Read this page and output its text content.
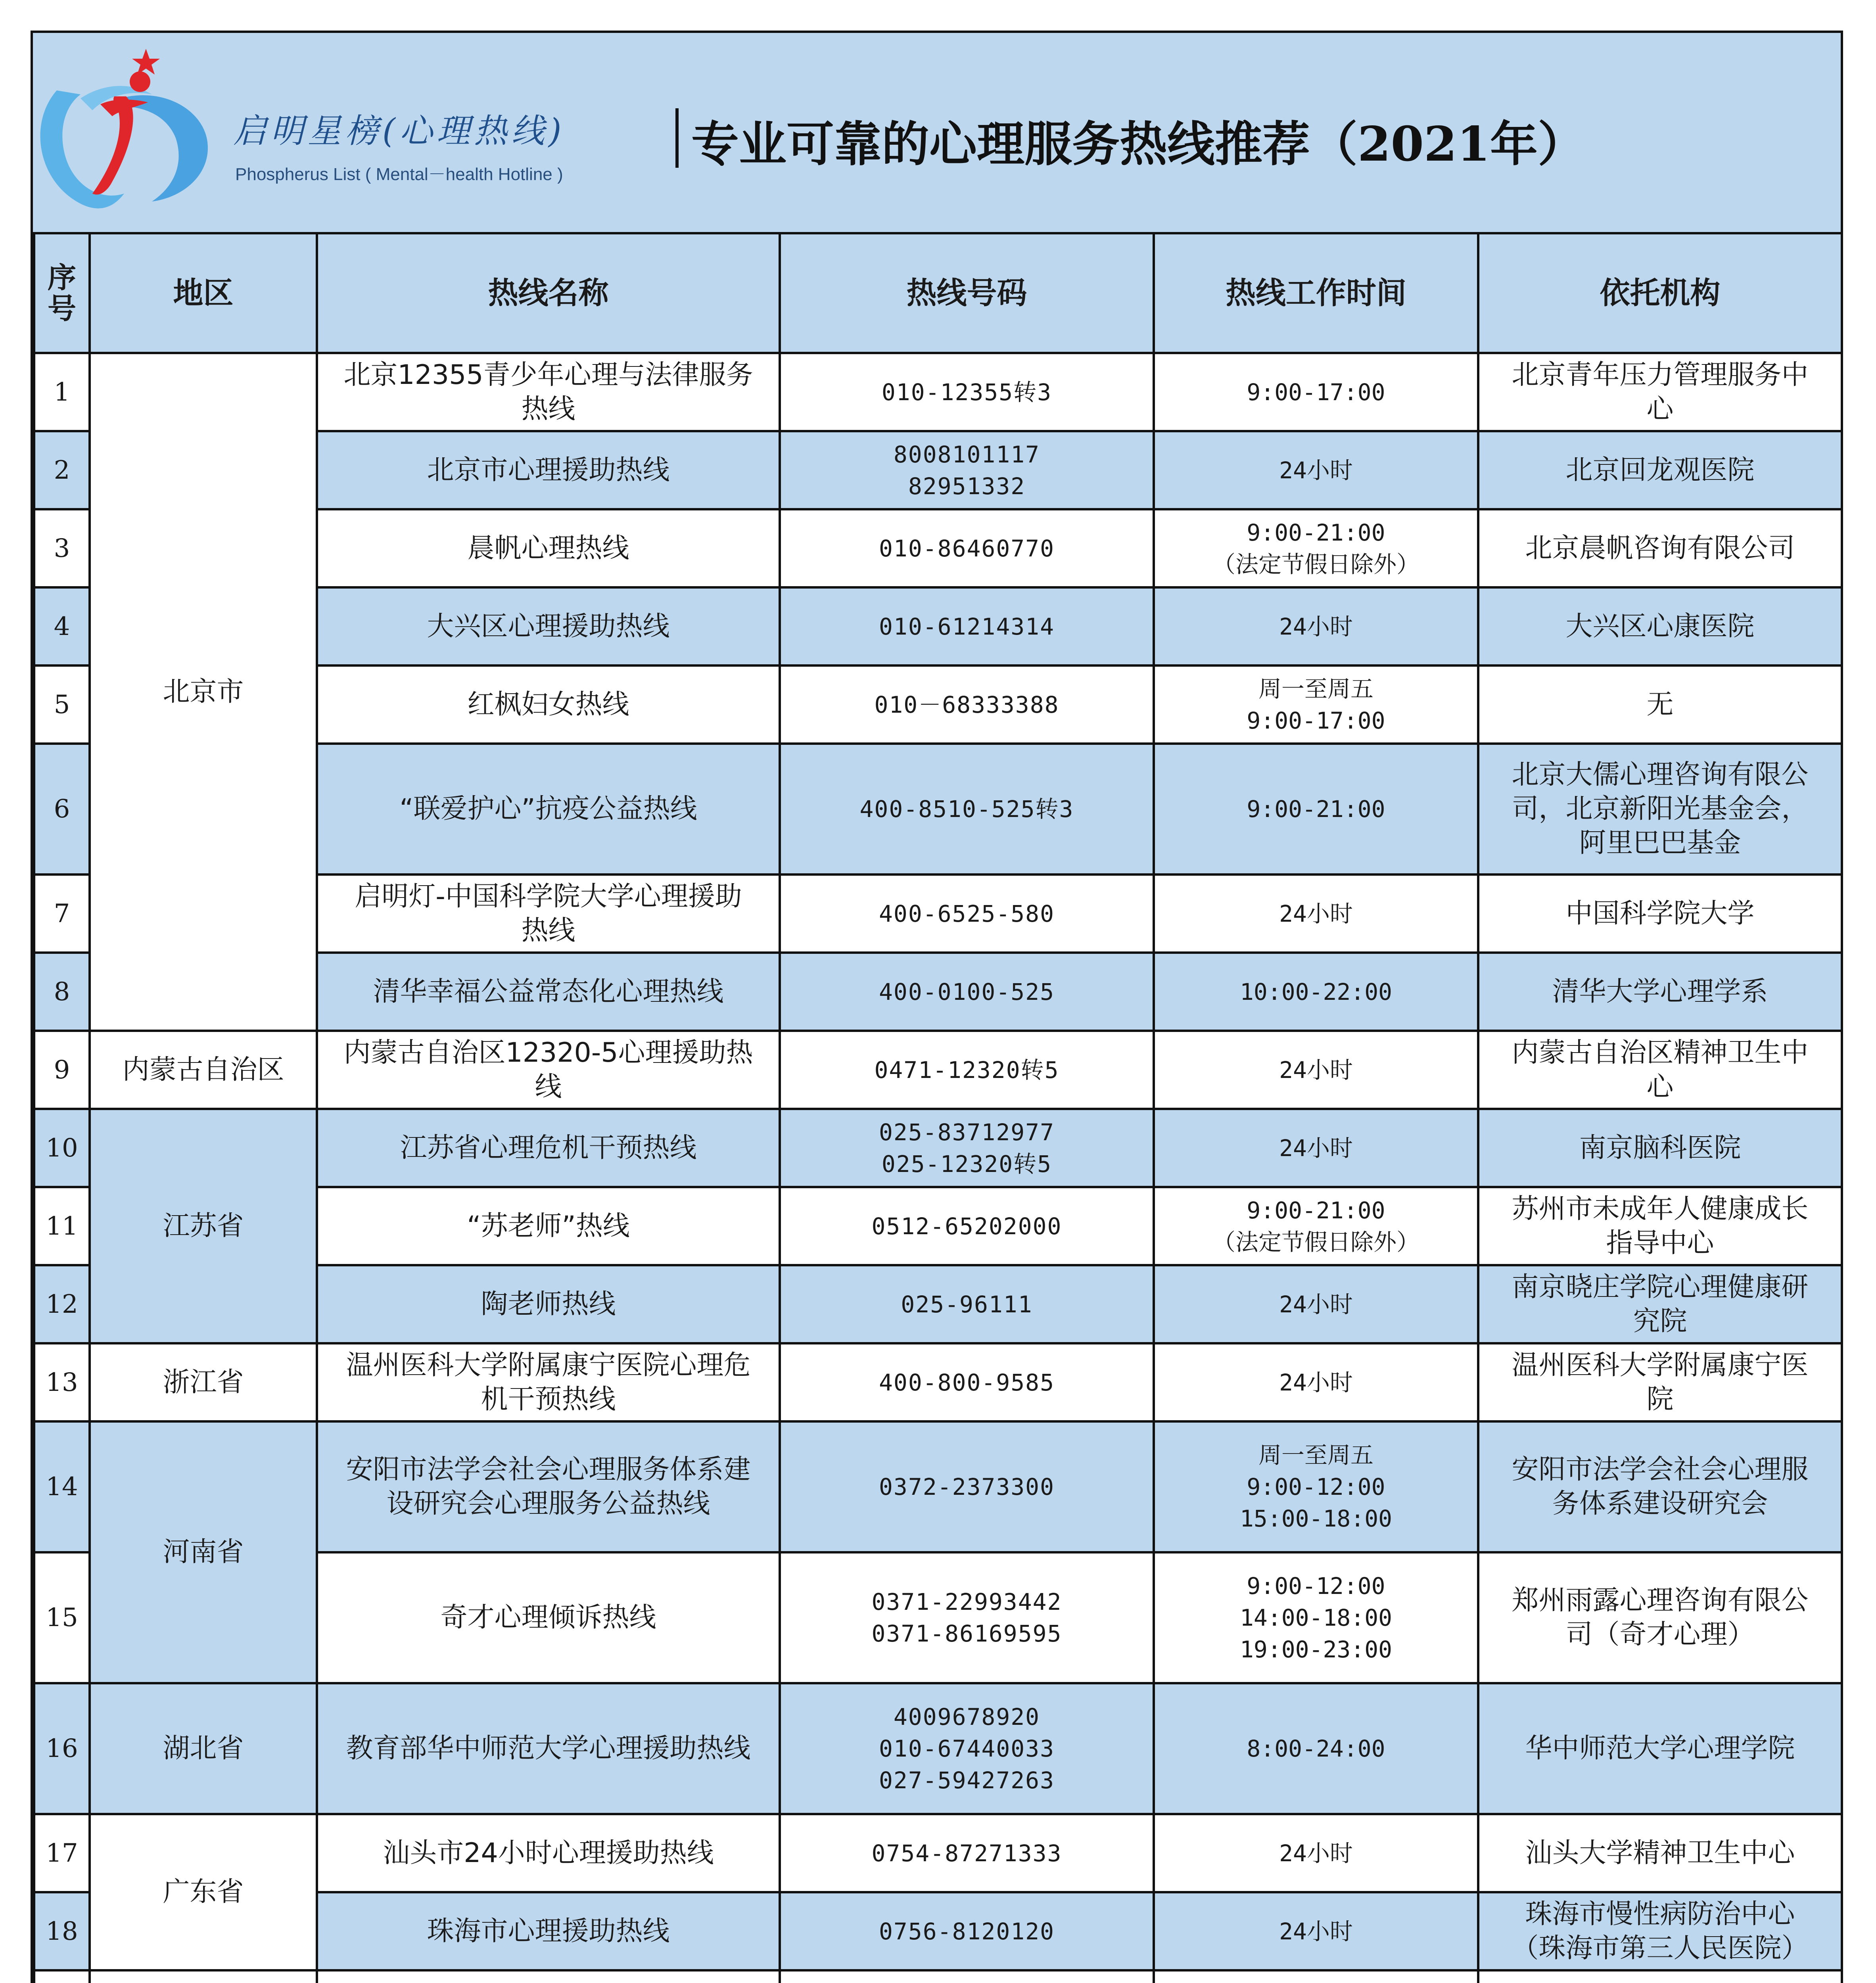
启明星榜(心理热线)
Phospherus List ( Mental－health Hotline )
专业可靠的心理服务热线推荐（2021年）
序号	地区	热线名称	热线号码	热线工作时间	依托机构
1	北京市	北京12355青少年心理与法律服务
热线	010-12355转3	9:00-17:00	北京青年压力管理服务中
心

2		北京市心理援助热线	8008101117
82951332	24小时	北京回龙观医院

3		晨帆心理热线	010-86460770	9:00-21:00
（法定节假日除外）	北京晨帆咨询有限公司

4		大兴区心理援助热线	010-61214314	24小时	大兴区心康医院

5		红枫妇女热线	010－68333388	周一至周五
9:00-17:00	无

6		“联爱护心”抗疫公益热线	400-8510-525转3	9:00-21:00	北京大儒心理咨询有限公
司，北京新阳光基金会，
阿里巴巴基金

7		启明灯-中国科学院大学心理援助
热线	400-6525-580	24小时	中国科学院大学

8		清华幸福公益常态化心理热线	400-0100-525	10:00-22:00	清华大学心理学系

9	内蒙古自治区	内蒙古自治区12320-5心理援助热
线	0471-12320转5	24小时	内蒙古自治区精神卫生中
心

10	江苏省	江苏省心理危机干预热线	025-83712977
025-12320转5	24小时	南京脑科医院

11		“苏老师”热线	0512-65202000	9:00-21:00
（法定节假日除外）	苏州市未成年人健康成长
指导中心

12		陶老师热线	025-96111	24小时	南京晓庄学院心理健康研
究院

13	浙江省	温州医科大学附属康宁医院心理危
机干预热线	400-800-9585	24小时	温州医科大学附属康宁医
院

14	河南省	安阳市法学会社会心理服务体系建
设研究会心理服务公益热线	0372-2373300	周一至周五
9:00-12:00
15:00-18:00	安阳市法学会社会心理服
务体系建设研究会

15		奇才心理倾诉热线	0371-22993442
0371-86169595	9:00-12:00
14:00-18:00
19:00-23:00	郑州雨露心理咨询有限公
司（奇才心理）

16	湖北省	教育部华中师范大学心理援助热线	4009678920
010-67440033
027-59427263	8:00-24:00	华中师范大学心理学院

17	广东省	汕头市24小时心理援助热线	0754-87271333	24小时	汕头大学精神卫生中心

18		珠海市心理援助热线	0756-8120120	24小时	珠海市慢性病防治中心
（珠海市第三人民医院）
